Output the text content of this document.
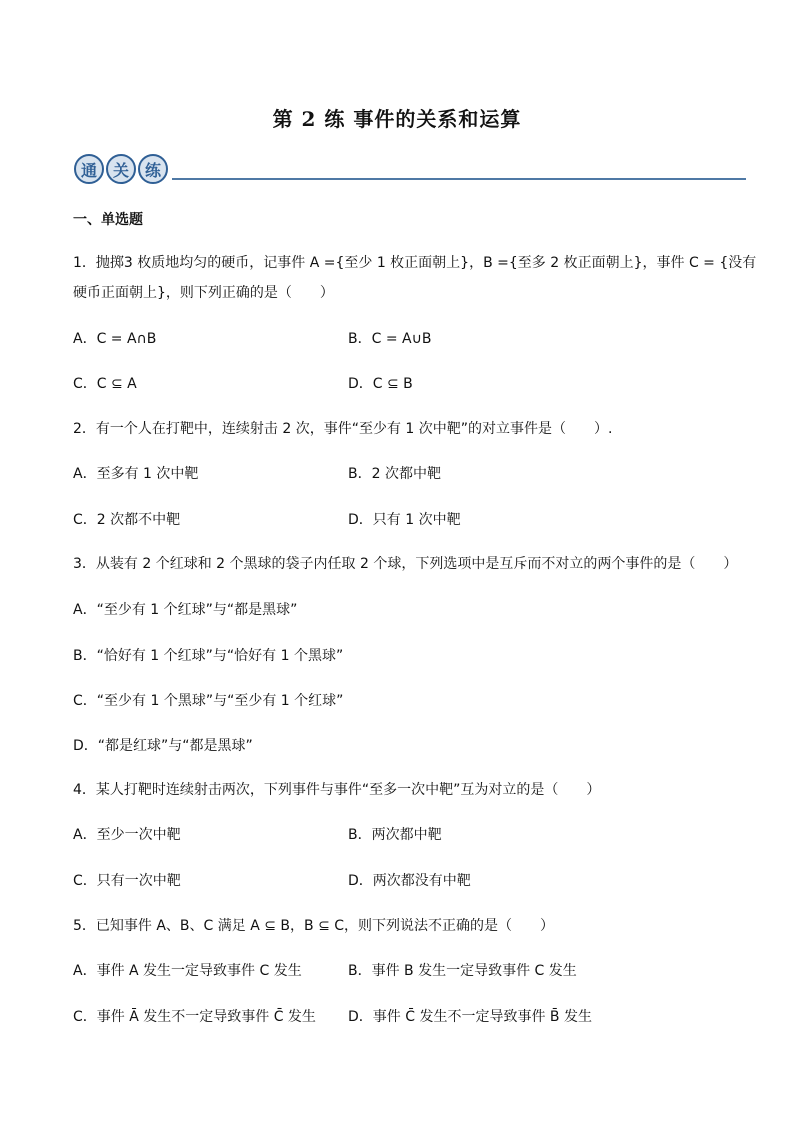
第 2 练 事件的关系和运算
通 关 练
一、单选题
1．抛掷3 枚质地均匀的硬币，记事件 A ={至少 1 枚正面朝上}，B ={至多 2 枚正面朝上}，事件 C = {没有
硬币正面朝上}，则下列正确的是（　　）
A．C = A∩B	B．C = A∪B
C．C ⊆ A	D．C ⊆ B
2．有一个人在打靶中，连续射击 2 次，事件“至少有 1 次中靶”的对立事件是（　　）.
A．至多有 1 次中靶	B．2 次都中靶
C．2 次都不中靶	D．只有 1 次中靶
3．从装有 2 个红球和 2 个黑球的袋子内任取 2 个球，下列选项中是互斥而不对立的两个事件的是（　　）
A．“至少有 1 个红球”与“都是黑球”
B．“恰好有 1 个红球”与“恰好有 1 个黑球”
C．“至少有 1 个黑球”与“至少有 1 个红球”
D．“都是红球”与“都是黑球”
4．某人打靶时连续射击两次，下列事件与事件“至多一次中靶”互为对立的是（　　）
A．至少一次中靶	B．两次都中靶
C．只有一次中靶	D．两次都没有中靶
5．已知事件 A、B、C 满足 A ⊆ B，B ⊆ C，则下列说法不正确的是（　　）
A．事件 A 发生一定导致事件 C 发生	B．事件 B 发生一定导致事件 C 发生
C．事件 Ā 发生不一定导致事件 C̄ 发生 D．事件 C̄ 发生不一定导致事件 B̄ 发生
